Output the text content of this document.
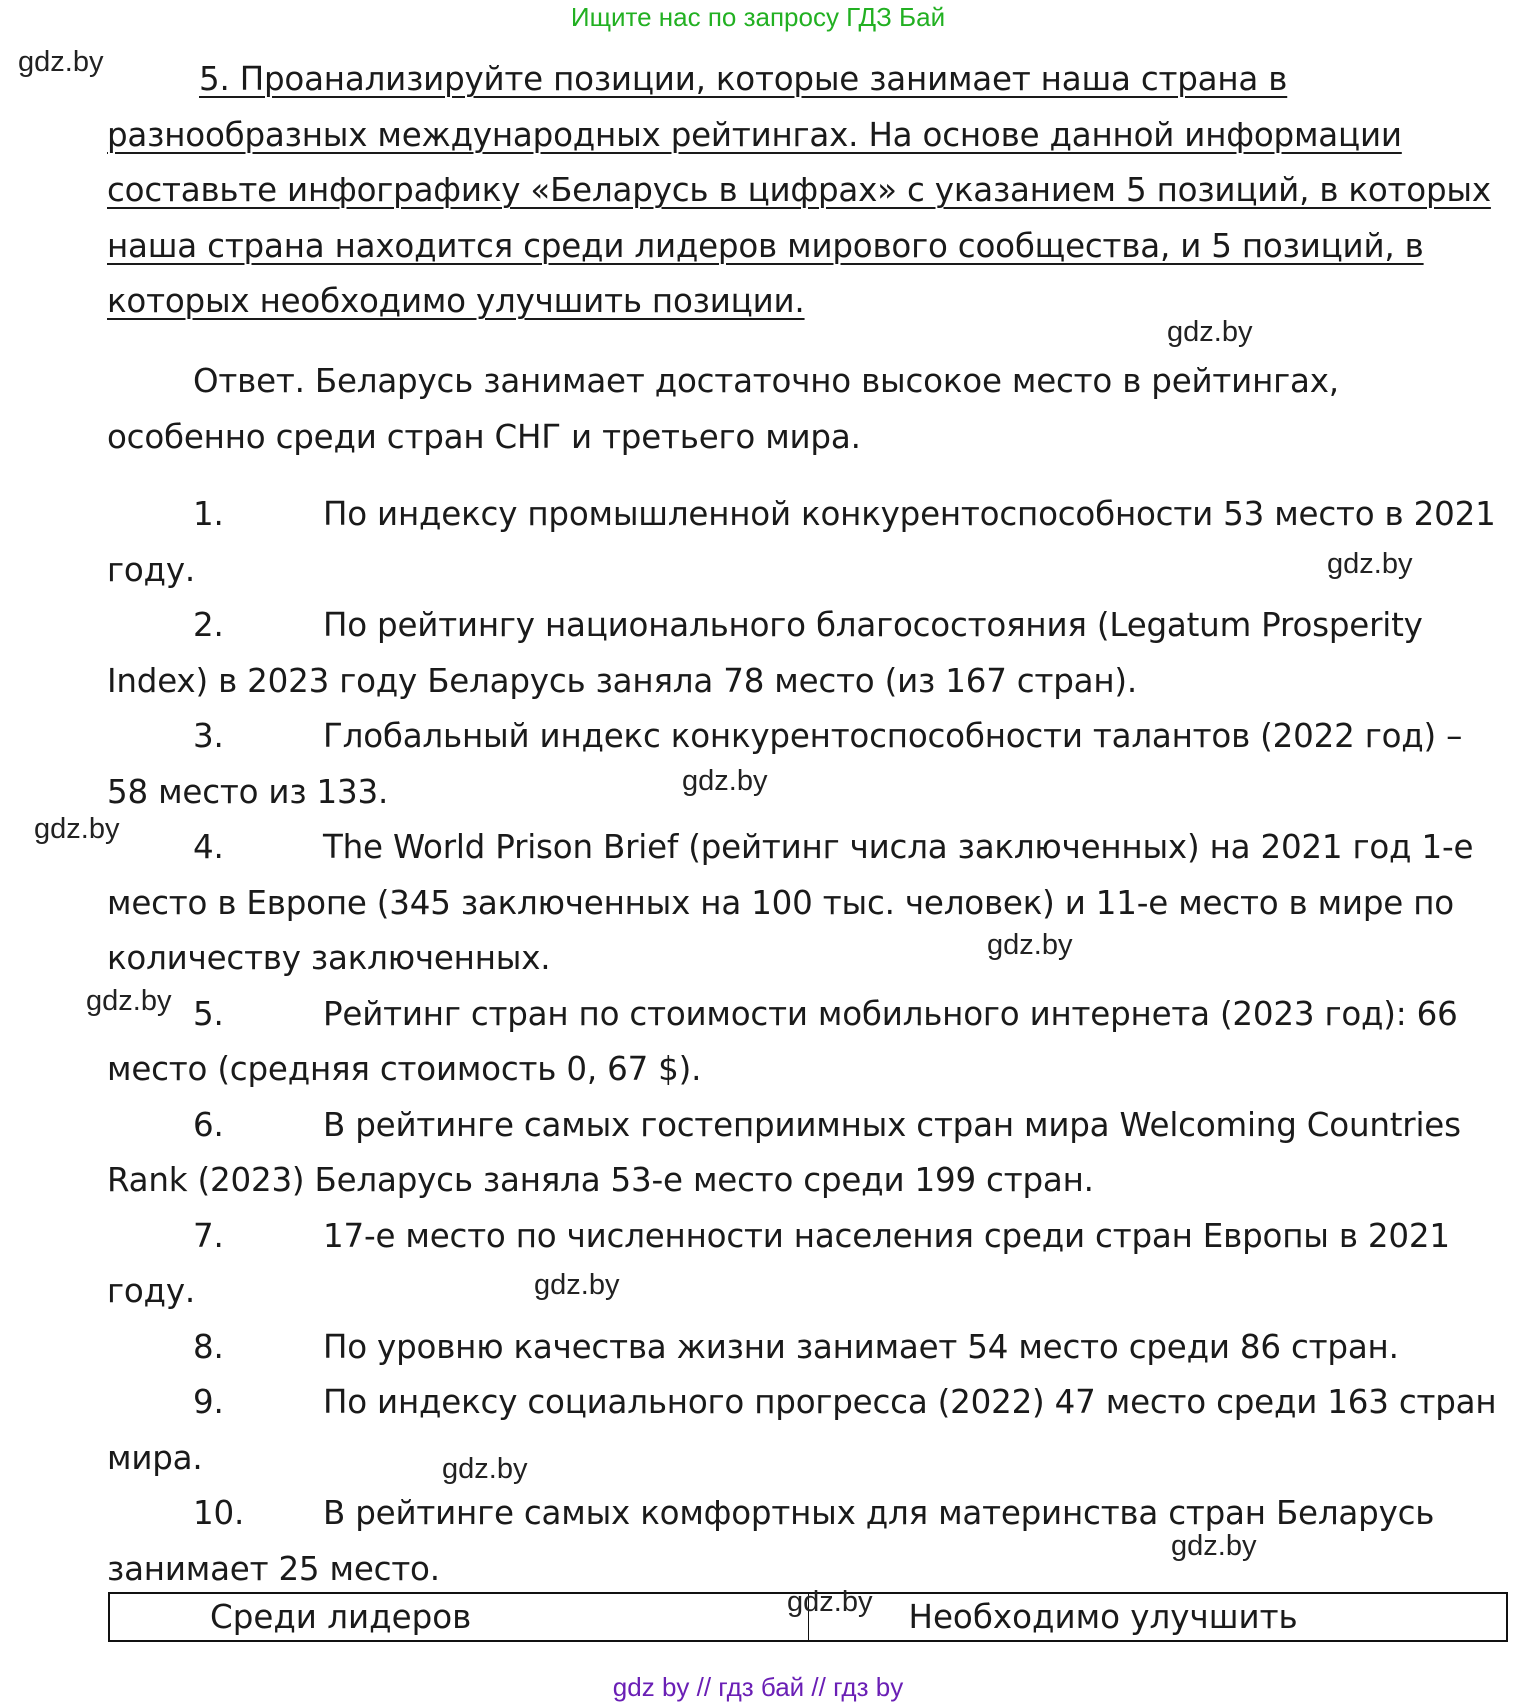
Ищите нас по запросу ГДЗ Бай
5. Проанализируйте позиции, которые занимает наша страна в разнообразных международных рейтингах. На основе данной информации составьте инфографику «Беларусь в цифрах» с указанием 5 позиций, в которых наша страна находится среди лидеров мирового сообщества, и 5 позиций, в которых необходимо улучшить позиции.
Ответ. Беларусь занимает достаточно высокое место в рейтингах, особенно среди стран СНГ и третьего мира.
1.	По индексу промышленной конкурентоспособности 53 место в 2021 году.
2.	По рейтингу национального благосостояния (Legatum Prosperity Index) в 2023 году Беларусь заняла 78 место (из 167 стран).
3.	Глобальный индекс конкурентоспособности талантов (2022 год) – 58 место из 133.
4.	The World Prison Brief (рейтинг числа заключенных) на 2021 год 1-е место в Европе (345 заключенных на 100 тыс. человек) и 11-е место в мире по количеству заключенных.
5.	Рейтинг стран по стоимости мобильного интернета (2023 год): 66 место (средняя стоимость 0, 67 $).
6.	В рейтинге самых гостеприимных стран мира Welcoming Countries Rank (2023) Беларусь заняла 53-е место среди 199 стран.
7.	17-е место по численности населения среди стран Европы в 2021 году.
8.	По уровню качества жизни занимает 54 место среди 86 стран.
9.	По индексу социального прогресса (2022) 47 место среди 163 стран мира.
10. В рейтинге самых комфортных для материнства стран Беларусь занимает 25 место.
Среди лидеров	Необходимо улучшить
gdz.by
gdz.by
gdz.by
gdz.by
gdz.by
gdz.by
gdz.by
gdz.by
gdz.by
gdz.by
gdz.by
gdz by // гдз бай // гдз by
